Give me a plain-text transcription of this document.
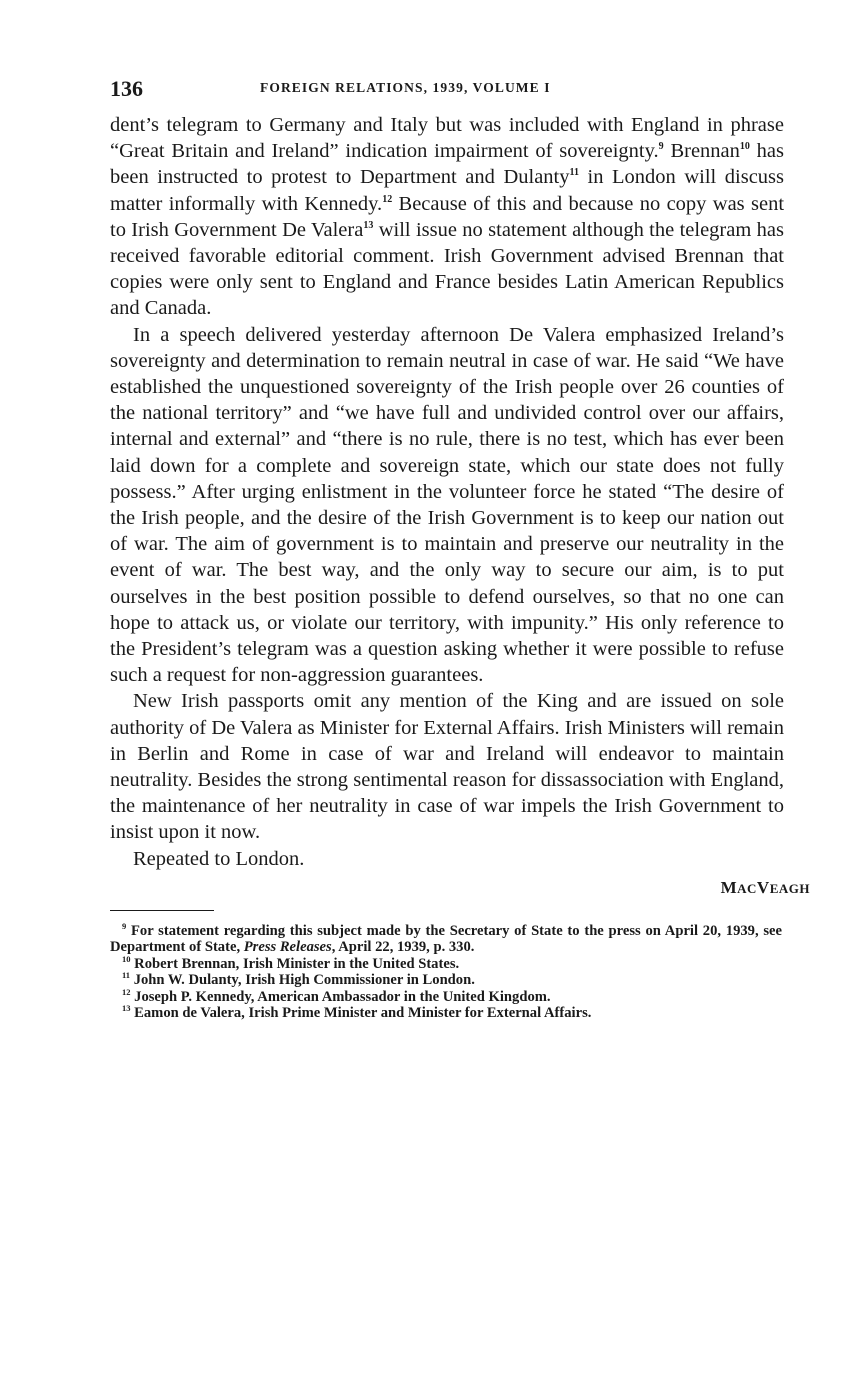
136	FOREIGN RELATIONS, 1939, VOLUME I

dent’s telegram to Germany and Italy but was included with England in phrase “Great Britain and Ireland” indication impairment of sovereignty.$^9$ Brennan$^{10}$ has been instructed to protest to Department and Dulanty$^{11}$ in London will discuss matter informally with Kennedy.$^{12}$ Because of this and because no copy was sent to Irish Government De Valera$^{13}$ will issue no statement although the telegram has received favorable editorial comment. Irish Government advised Brennan that copies were only sent to England and France besides Latin American Republics and Canada.

In a speech delivered yesterday afternoon De Valera emphasized Ireland’s sovereignty and determination to remain neutral in case of war. He said “We have established the unquestioned sovereignty of the Irish people over 26 counties of the national territory” and “we have full and undivided control over our affairs, internal and external” and “there is no rule, there is no test, which has ever been laid down for a complete and sovereign state, which our state does not fully possess.” After urging enlistment in the volunteer force he stated “The desire of the Irish people, and the desire of the Irish Government is to keep our nation out of war. The aim of government is to maintain and preserve our neutrality in the event of war. The best way, and the only way to secure our aim, is to put ourselves in the best position possible to defend ourselves, so that no one can hope to attack us, or violate our territory, with impunity.” His only reference to the President’s telegram was a question asking whether it were possible to refuse such a request for non-aggression guarantees.

New Irish passports omit any mention of the King and are issued on sole authority of De Valera as Minister for External Affairs. Irish Ministers will remain in Berlin and Rome in case of war and Ireland will endeavor to maintain neutrality. Besides the strong sentimental reason for dissassociation with England, the maintenance of her neutrality in case of war impels the Irish Government to insist upon it now.

Repeated to London.

MACVEAGH

$^9$ For statement regarding this subject made by the Secretary of State to the press on April 20, 1939, see Department of State, Press Releases, April 22, 1939, p. 330.

$^{10}$ Robert Brennan, Irish Minister in the United States.

$^{11}$ John W. Dulanty, Irish High Commissioner in London.

$^{12}$ Joseph P. Kennedy, American Ambassador in the United Kingdom.

$^{13}$ Eamon de Valera, Irish Prime Minister and Minister for External Affairs.
